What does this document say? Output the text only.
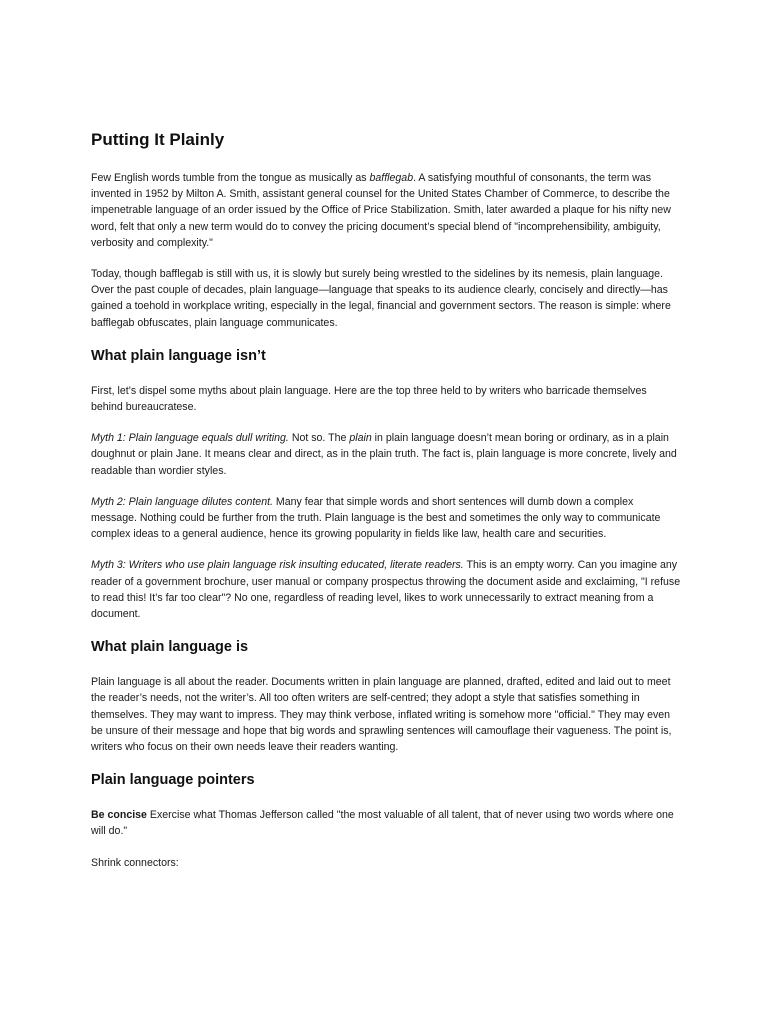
Putting It Plainly

Few English words tumble from the tongue as musically as bafflegab. A satisfying mouthful of consonants, the term was invented in 1952 by Milton A. Smith, assistant general counsel for the United States Chamber of Commerce, to describe the impenetrable language of an order issued by the Office of Price Stabilization. Smith, later awarded a plaque for his nifty new word, felt that only a new term would do to convey the pricing document’s special blend of "incomprehensibility, ambiguity, verbosity and complexity."

Today, though bafflegab is still with us, it is slowly but surely being wrestled to the sidelines by its nemesis, plain language. Over the past couple of decades, plain language—language that speaks to its audience clearly, concisely and directly—has gained a toehold in workplace writing, especially in the legal, financial and government sectors. The reason is simple: where bafflegab obfuscates, plain language communicates.

What plain language isn’t

First, let’s dispel some myths about plain language. Here are the top three held to by writers who barricade themselves behind bureaucratese.

Myth 1: Plain language equals dull writing. Not so. The plain in plain language doesn’t mean boring or ordinary, as in a plain doughnut or plain Jane. It means clear and direct, as in the plain truth. The fact is, plain language is more concrete, lively and readable than wordier styles.

Myth 2: Plain language dilutes content. Many fear that simple words and short sentences will dumb down a complex message. Nothing could be further from the truth. Plain language is the best and sometimes the only way to communicate complex ideas to a general audience, hence its growing popularity in fields like law, health care and securities.

Myth 3: Writers who use plain language risk insulting educated, literate readers. This is an empty worry. Can you imagine any reader of a government brochure, user manual or company prospectus throwing the document aside and exclaiming, "I refuse to read this! It’s far too clear"? No one, regardless of reading level, likes to work unnecessarily to extract meaning from a document.

What plain language is

Plain language is all about the reader. Documents written in plain language are planned, drafted, edited and laid out to meet the reader’s needs, not the writer’s. All too often writers are self-centred; they adopt a style that satisfies something in themselves. They may want to impress. They may think verbose, inflated writing is somehow more "official." They may even be unsure of their message and hope that big words and sprawling sentences will camouflage their vagueness. The point is, writers who focus on their own needs leave their readers wanting.

Plain language pointers

Be concise Exercise what Thomas Jefferson called "the most valuable of all talent, that of never using two words where one will do."

Shrink connectors:
